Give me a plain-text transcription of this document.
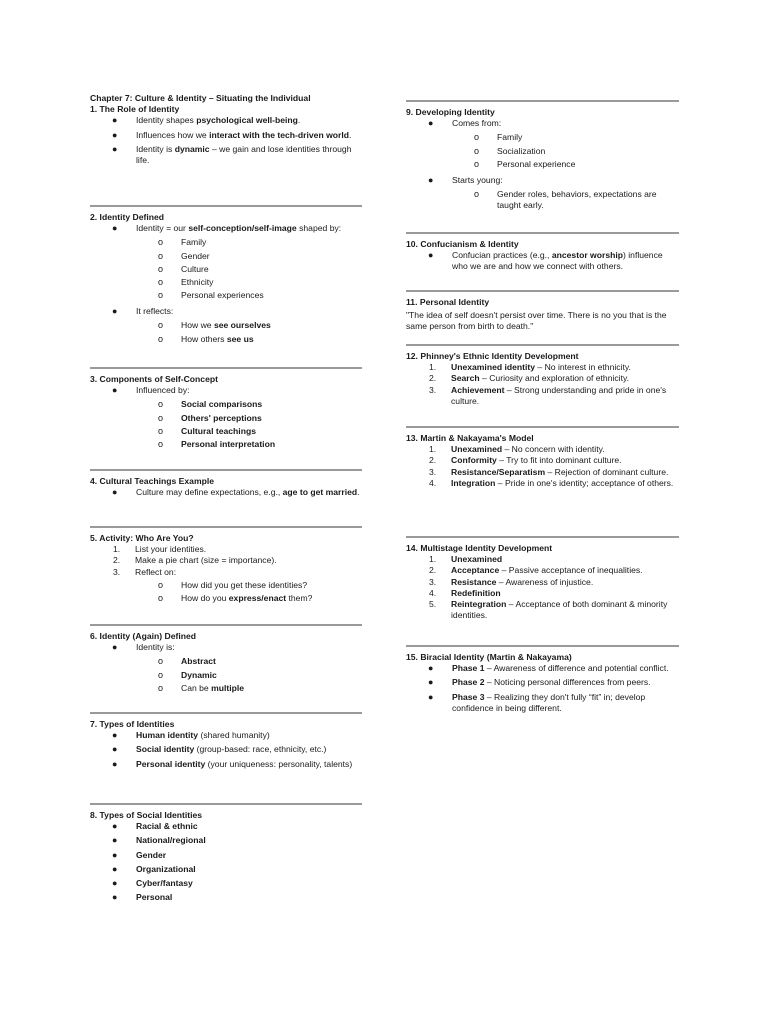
Chapter 7: Culture & Identity – Situating the Individual
1. The Role of Identity
● Identity shapes psychological well-being.
● Influences how we interact with the tech-driven world.
● Identity is dynamic – we gain and lose identities through life.
2. Identity Defined
● Identity = our self-conception/self-image shaped by:
o Family
o Gender
o Culture
o Ethnicity
o Personal experiences
● It reflects:
o How we see ourselves
o How others see us
3. Components of Self-Concept
● Influenced by:
o Social comparisons
o Others' perceptions
o Cultural teachings
o Personal interpretation
4. Cultural Teachings Example
● Culture may define expectations, e.g., age to get married.
5. Activity: Who Are You?
1. List your identities.
2. Make a pie chart (size = importance).
3. Reflect on:
o How did you get these identities?
o How do you express/enact them?
6. Identity (Again) Defined
● Identity is:
o Abstract
o Dynamic
o Can be multiple
7. Types of Identities
● Human identity (shared humanity)
● Social identity (group-based: race, ethnicity, etc.)
● Personal identity (your uniqueness: personality, talents)
8. Types of Social Identities
● Racial & ethnic
● National/regional
● Gender
● Organizational
● Cyber/fantasy
● Personal
9. Developing Identity
● Comes from:
o Family
o Socialization
o Personal experience
● Starts young:
o Gender roles, behaviors, expectations are taught early.
10. Confucianism & Identity
● Confucian practices (e.g., ancestor worship) influence who we are and how we connect with others.
11. Personal Identity
"The idea of self doesn't persist over time. There is no you that is the same person from birth to death."
12. Phinney's Ethnic Identity Development
1. Unexamined identity – No interest in ethnicity.
2. Search – Curiosity and exploration of ethnicity.
3. Achievement – Strong understanding and pride in one's culture.
13. Martin & Nakayama's Model
1. Unexamined – No concern with identity.
2. Conformity – Try to fit into dominant culture.
3. Resistance/Separatism – Rejection of dominant culture.
4. Integration – Pride in one's identity; acceptance of others.
14. Multistage Identity Development
1. Unexamined
2. Acceptance – Passive acceptance of inequalities.
3. Resistance – Awareness of injustice.
4. Redefinition
5. Reintegration – Acceptance of both dominant & minority identities.
15. Biracial Identity (Martin & Nakayama)
● Phase 1 – Awareness of difference and potential conflict.
● Phase 2 – Noticing personal differences from peers.
● Phase 3 – Realizing they don't fully “fit” in; develop confidence in being different.
